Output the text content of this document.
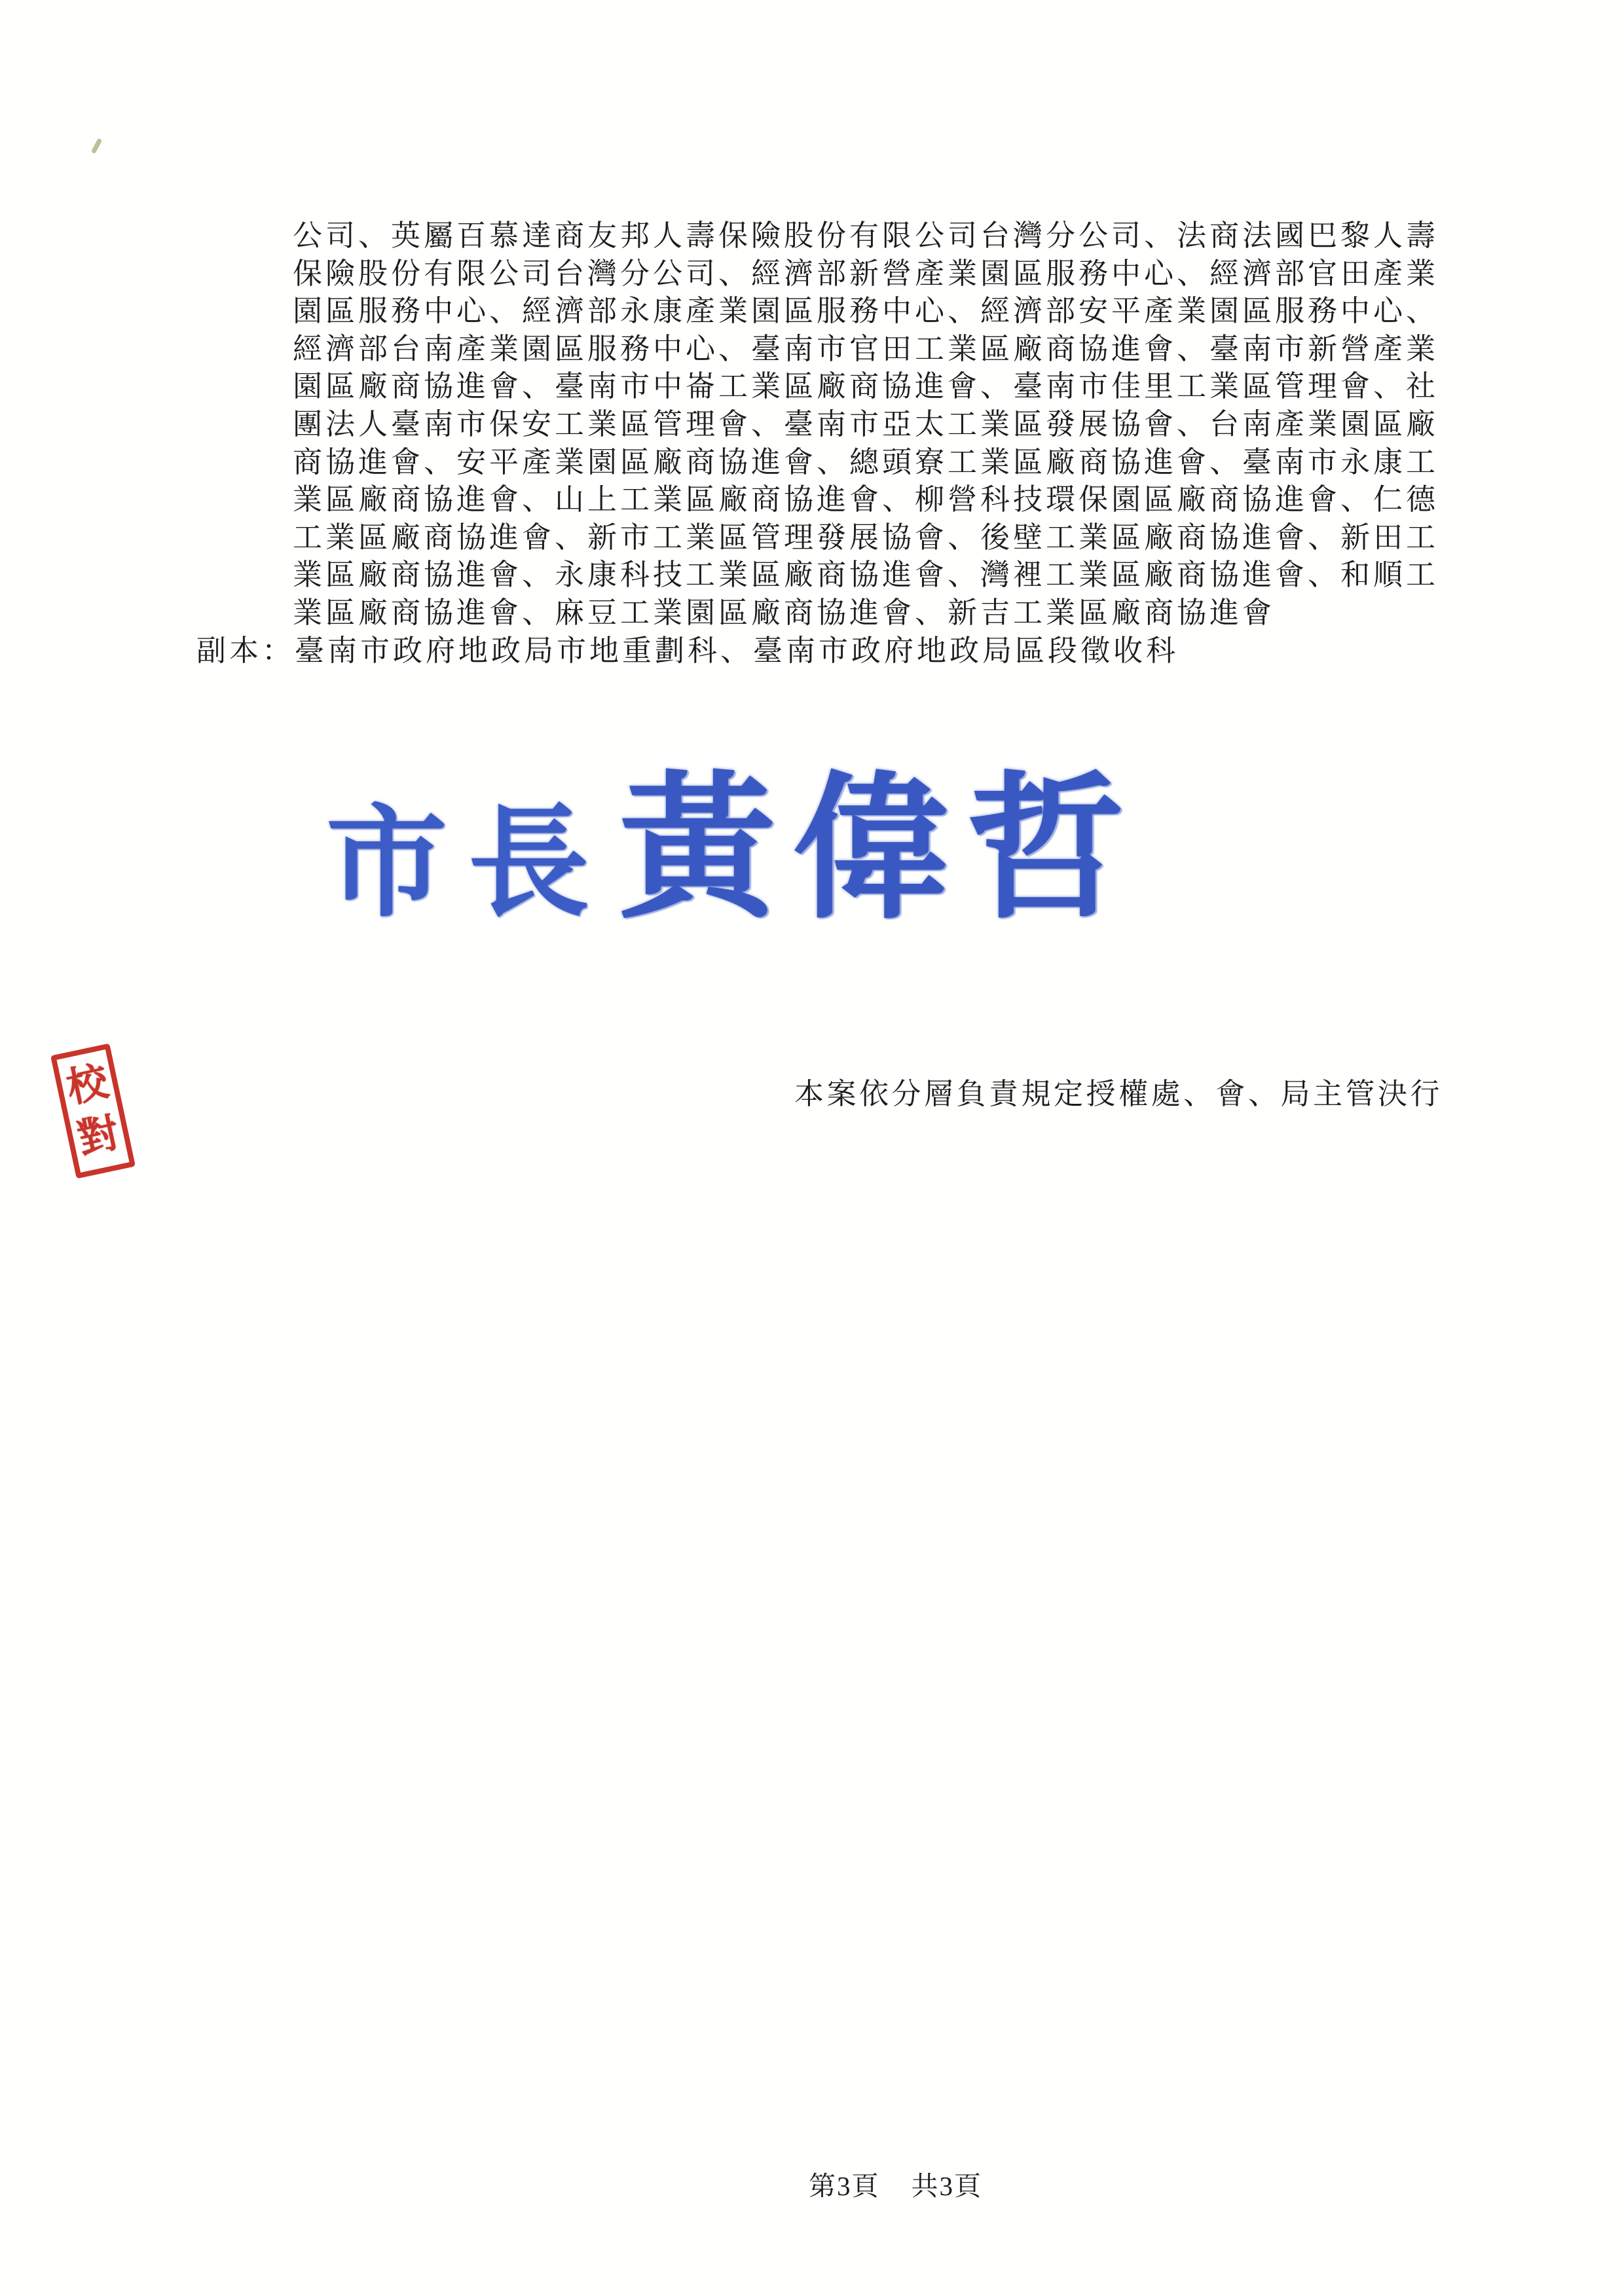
公司、英屬百慕達商友邦人壽保險股份有限公司台灣分公司、法商法國巴黎人壽
保險股份有限公司台灣分公司、經濟部新營產業園區服務中心、經濟部官田產業
園區服務中心、經濟部永康產業園區服務中心、經濟部安平產業園區服務中心、
經濟部台南產業園區服務中心、臺南市官田工業區廠商協進會、臺南市新營產業
園區廠商協進會、臺南市中崙工業區廠商協進會、臺南市佳里工業區管理會、社
團法人臺南市保安工業區管理會、臺南市亞太工業區發展協會、台南產業園區廠
商協進會、安平產業園區廠商協進會、總頭寮工業區廠商協進會、臺南市永康工
業區廠商協進會、山上工業區廠商協進會、柳營科技環保園區廠商協進會、仁德
工業區廠商協進會、新市工業區管理發展協會、後壁工業區廠商協進會、新田工
業區廠商協進會、永康科技工業區廠商協進會、灣裡工業區廠商協進會、和順工
業區廠商協進會、麻豆工業園區廠商協進會、新吉工業區廠商協進會
副本：臺南市政府地政局市地重劃科、臺南市政府地政局區段徵收科
市長 黃偉哲
校
對
本案依分層負責規定授權處、會、局主管決行
第3頁 共3頁
